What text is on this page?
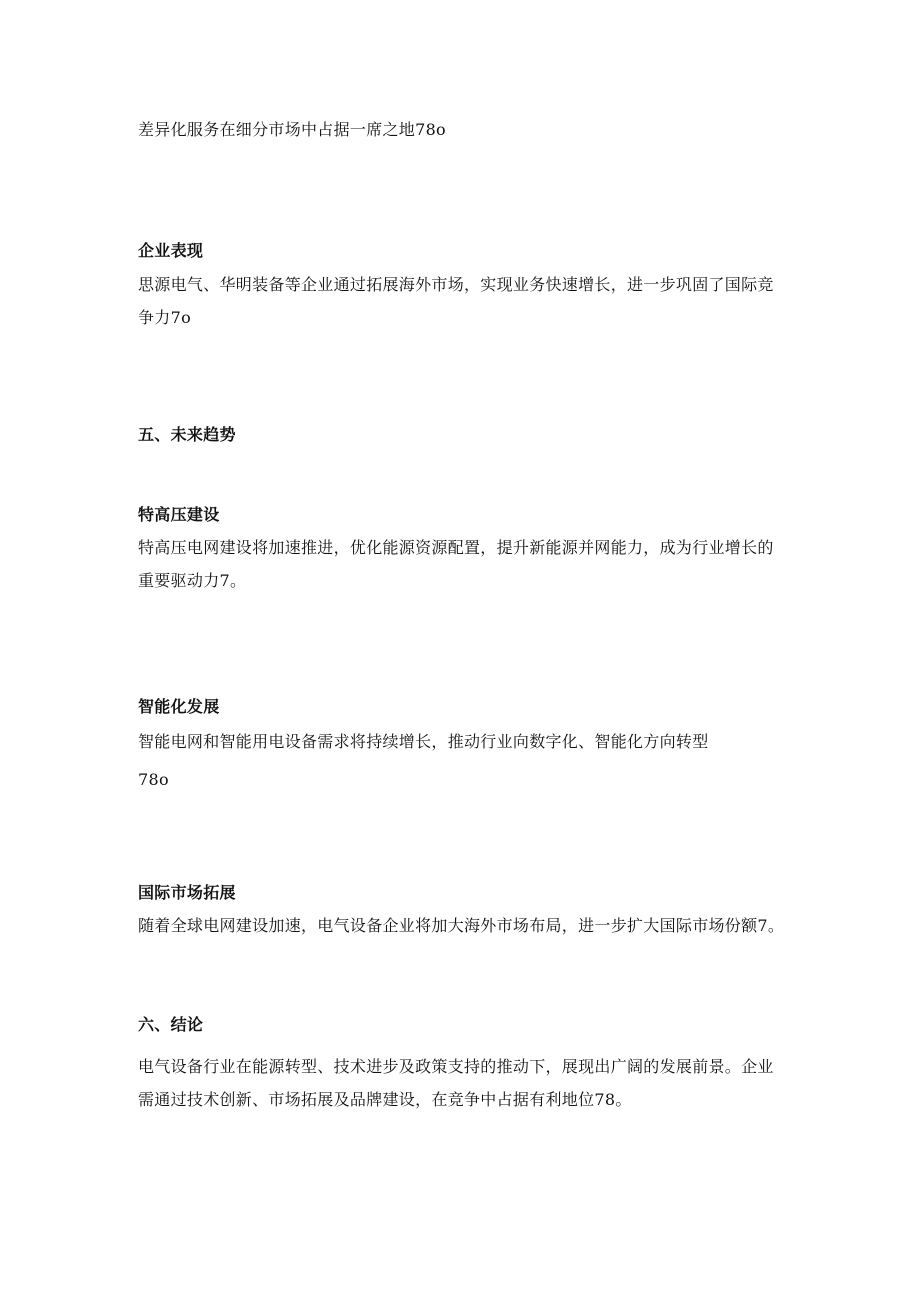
差异化服务在细分市场中占据一席之地78o

企业表现

思源电气、华明装备等企业通过拓展海外市场，实现业务快速增长，进一步巩固了国际竞争力7o

五、未来趋势
特高压建设

特高压电网建设将加速推进，优化能源资源配置，提升新能源并网能力，成为行业增长的重要驱动力7。

智能化发展

智能电网和智能用电设备需求将持续增长，推动行业向数字化、智能化方向转型

78o

国际市场拓展

随着全球电网建设加速，电气设备企业将加大海外市场布局，进一步扩大国际市场份额7。

六、结论

电气设备行业在能源转型、技术进步及政策支持的推动下，展现出广阔的发展前景。企业需通过技术创新、市场拓展及品牌建设，在竞争中占据有利地位78。
